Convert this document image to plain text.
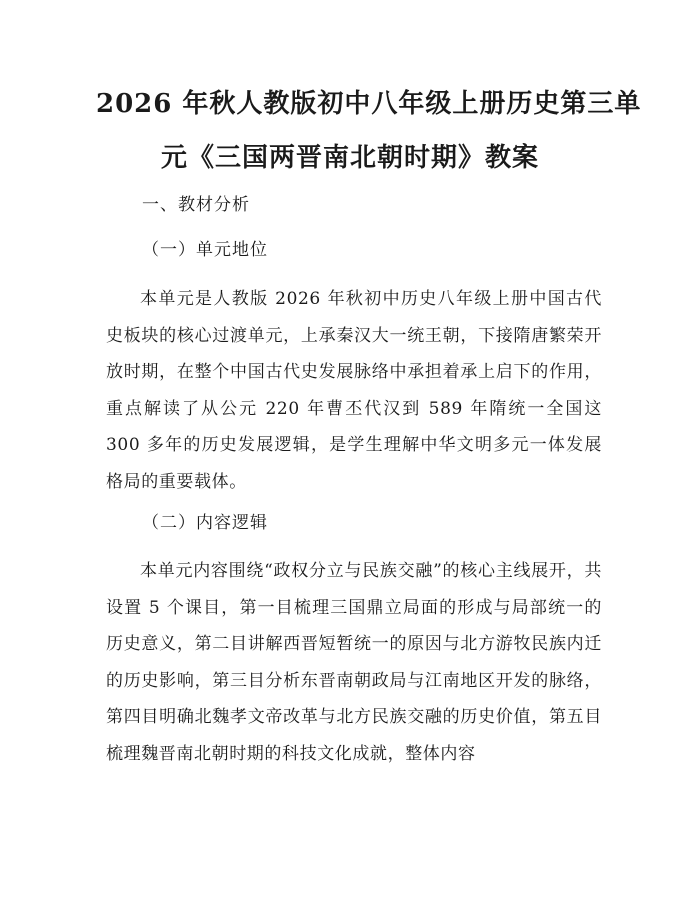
2026 年秋人教版初中八年级上册历史第三单
元《三国两晋南北朝时期》教案
一、教材分析
（一）单元地位

本单元是人教版 2026 年秋初中历史八年级上册中国古代史板块的核心过渡单元，上承秦汉大一统王朝，下接隋唐繁荣开放时期，在整个中国古代史发展脉络中承担着承上启下的作用，重点解读了从公元 220 年曹丕代汉到 589 年隋统一全国这 300 多年的历史发展逻辑，是学生理解中华文明多元一体发展格局的重要载体。

（二）内容逻辑

本单元内容围绕“政权分立与民族交融”的核心主线展开，共设置 5 个课目，第一目梳理三国鼎立局面的形成与局部统一的历史意义，第二目讲解西晋短暂统一的原因与北方游牧民族内迁的历史影响，第三目分析东晋南朝政局与江南地区开发的脉络，第四目明确北魏孝文帝改革与北方民族交融的历史价值，第五目梳理魏晋南北朝时期的科技文化成就，整体内容
